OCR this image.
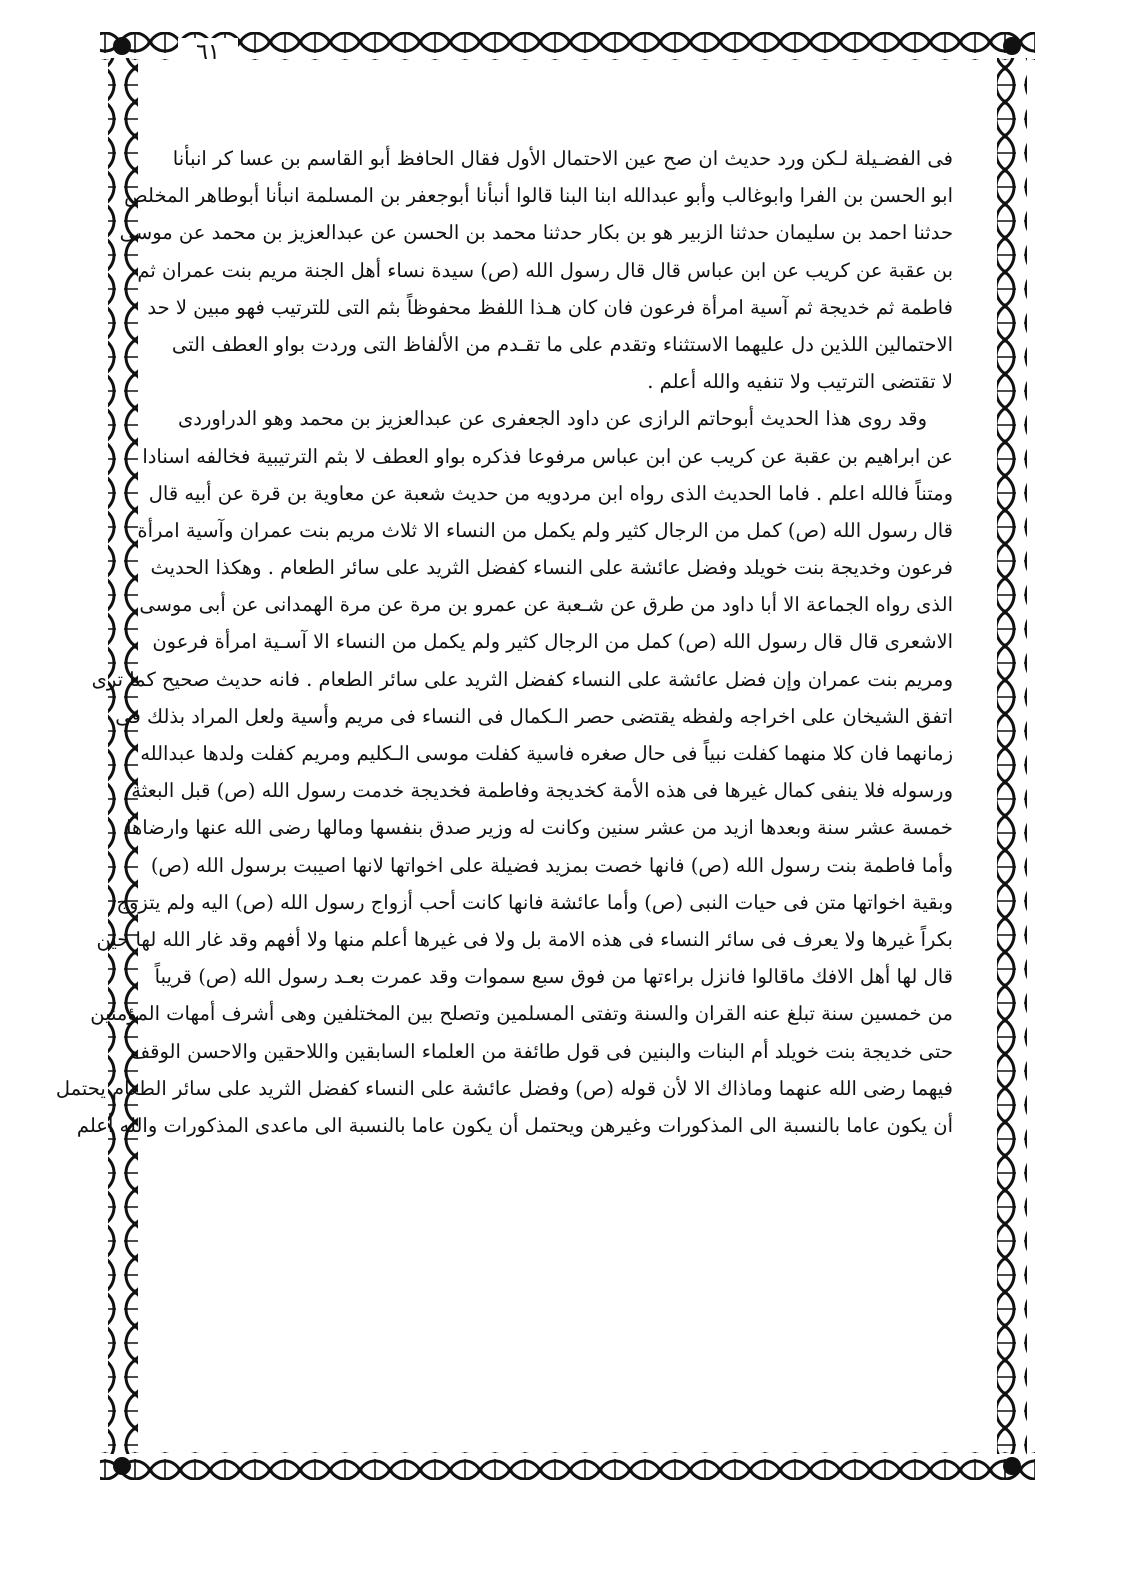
٦١

فى الفضـيلة لـكن ورد حديث ان صح عين الاحتمال الأول فقال الحافظ أبو القاسم بن عسا كر انبأنا

ابو الحسن بن الفرا وابوغالب وأبو عبدالله ابنا البنا قالوا أنبأنا أبوجعفر بن المسلمة انبأنا أبوطاهر المخلص

حدثنا احمد بن سليمان حدثنا الزبير هو بن بكار حدثنا محمد بن الحسن عن عبدالعزيز بن محمد عن موسى

بن عقبة عن كريب عن ابن عباس قال قال رسول الله (ص) سيدة نساء أهل الجنة مريم بنت عمران ثم

فاطمة ثم خديجة ثم آسية امرأة فرعون فان كان هـذا اللفظ محفوظاً بثم التى للترتيب فهو مبين لا حد

الاحتمالين اللذين دل عليهما الاستثناء وتقدم على ما تقـدم من الألفاظ التى وردت بواو العطف التى

لا تقتضى الترتيب ولا تنفيه والله أعلم .

وقد روى هذا الحديث أبوحاتم الرازى عن داود الجعفرى عن عبدالعزيز بن محمد وهو الدراوردى

عن ابراهيم بن عقبة عن كريب عن ابن عباس مرفوعا فذكره بواو العطف لا بثم الترتيبية فخالفه اسنادا

ومتناً فالله اعلم . فاما الحديث الذى رواه ابن مردويه من حديث شعبة عن معاوية بن قرة عن أبيه قال

قال رسول الله (ص) كمل من الرجال كثير ولم يكمل من النساء الا ثلاث مريم بنت عمران وآسية امرأة

فرعون وخديجة بنت خويلد وفضل عائشة على النساء كفضل الثريد على سائر الطعام . وهكذا الحديث

الذى رواه الجماعة الا أبا داود من طرق عن شـعبة عن عمرو بن مرة عن مرة الهمدانى عن أبى موسى

الاشعرى قال قال رسول الله (ص) كمل من الرجال كثير ولم يكمل من النساء الا آسـية امرأة فرعون

ومريم بنت عمران وإن فضل عائشة على النساء كفضل الثريد على سائر الطعام . فانه حديث صحيح كما ترى

اتفق الشيخان على اخراجه ولفظه يقتضى حصر الـكمال فى النساء فى مريم وأسية ولعل المراد بذلك فى

زمانهما فان كلا منهما كفلت نبياً فى حال صغره فاسية كفلت موسى الـكليم ومريم كفلت ولدها عبدالله

ورسوله فلا ينفى كمال غيرها فى هذه الأمة كخديجة وفاطمة فخديجة خدمت رسول الله (ص) قبل البعثة

خمسة عشر سنة وبعدها ازيد من عشر سنين وكانت له وزير صدق بنفسها ومالها رضى الله عنها وارضاها

وأما فاطمة بنت رسول الله (ص) فانها خصت بمزيد فضيلة على اخواتها لانها اصيبت برسول الله (ص)

وبقية اخواتها متن فى حيات النبى (ص) وأما عائشة فانها كانت أحب أزواج رسول الله (ص) اليه ولم يتزوج

بكراً غيرها ولا يعرف فى سائر النساء فى هذه الامة بل ولا فى غيرها أعلم منها ولا أفهم وقد غار الله لها حين

قال لها أهل الافك ماقالوا فانزل براءتها من فوق سبع سموات وقد عمرت بعـد رسول الله (ص) قريباً

من خمسين سنة تبلغ عنه القران والسنة وتفتى المسلمين وتصلح بين المختلفين وهى أشرف أمهات المؤمنين

حتى خديجة بنت خويلد أم البنات والبنين فى قول طائفة من العلماء السابقين واللاحقين والاحسن الوقف

فيهما رضى الله عنهما وماذاك الا لأن قوله (ص) وفضل عائشة على النساء كفضل الثريد على سائر الطعام يحتمل

أن يكون عاما بالنسبة الى المذكورات وغيرهن ويحتمل أن يكون عاما بالنسبة الى ماعدى المذكورات والله أعلم
